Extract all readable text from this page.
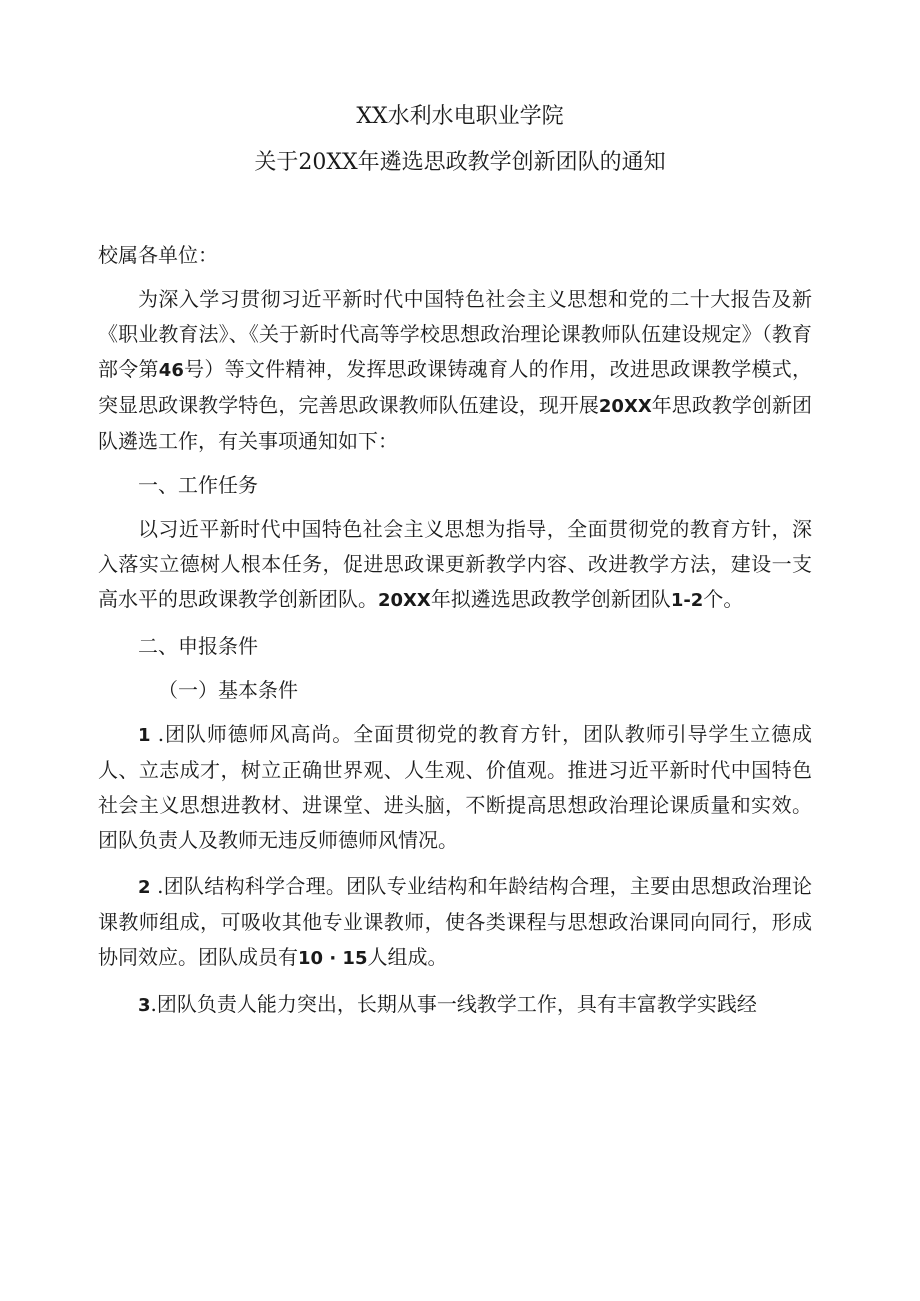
XX水利水电职业学院
关于20XX年遴选思政教学创新团队的通知

校属各单位：

为深入学习贯彻习近平新时代中国特色社会主义思想和党的二十大报告及新《职业教育法》、《关于新时代高等学校思想政治理论课教师队伍建设规定》（教育部令第46号）等文件精神，发挥思政课铸魂育人的作用，改进思政课教学模式，突显思政课教学特色，完善思政课教师队伍建设，现开展20XX年思政教学创新团队遴选工作，有关事项通知如下：

一、工作任务

以习近平新时代中国特色社会主义思想为指导，全面贯彻党的教育方针，深入落实立德树人根本任务，促进思政课更新教学内容、改进教学方法，建设一支高水平的思政课教学创新团队。20XX年拟遴选思政教学创新团队1-2个。

二、申报条件

（一）基本条件

1 .团队师德师风高尚。全面贯彻党的教育方针，团队教师引导学生立德成人、立志成才，树立正确世界观、人生观、价值观。推进习近平新时代中国特色社会主义思想进教材、进课堂、进头脑，不断提高思想政治理论课质量和实效。团队负责人及教师无违反师德师风情况。

2 .团队结构科学合理。团队专业结构和年龄结构合理，主要由思想政治理论课教师组成，可吸收其他专业课教师，使各类课程与思想政治课同向同行，形成协同效应。团队成员有10 · 15人组成。

3.团队负责人能力突出，长期从事一线教学工作，具有丰富教学实践经
